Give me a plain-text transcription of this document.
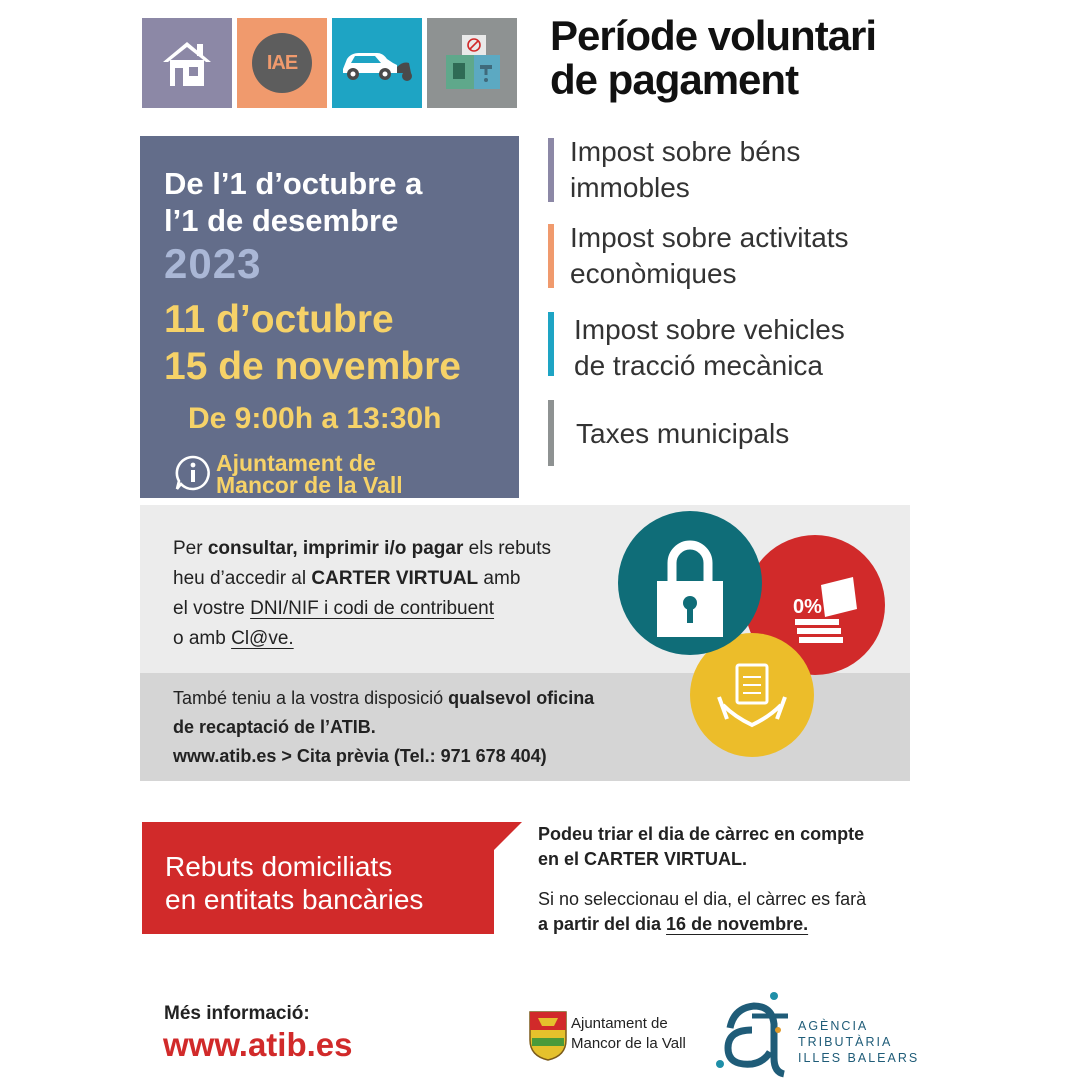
IAE
Període voluntari
de pagament
De l’1 d’octubre a
l’1 de desembre
2023
11 d’octubre
15 de novembre
De 9:00h a 13:30h
Ajuntament de
Mancor de la Vall
Impost sobre béns
immobles
Impost sobre activitats
econòmiques
Impost sobre vehicles
de tracció mecànica
Taxes municipals
Per consultar, imprimir i/o pagar els rebuts
heu d’accedir al CARTER VIRTUAL amb
el vostre DNI/NIF i codi de contribuent
o amb Cl@ve.
També teniu a la vostra disposició qualsevol oficina
de recaptació de l’ATIB.
www.atib.es > Cita prèvia (Tel.: 971 678 404)
0%
Rebuts domiciliats
en entitats bancàries
Podeu triar el dia de càrrec en compte
en el CARTER VIRTUAL.
Si no seleccionau el dia, el càrrec es farà
a partir del dia 16 de novembre.
Més informació:
www.atib.es
Ajuntament de
Mancor de la Vall
AGÈNCIA
TRIBUTÀRIA
ILLES BALEARS
